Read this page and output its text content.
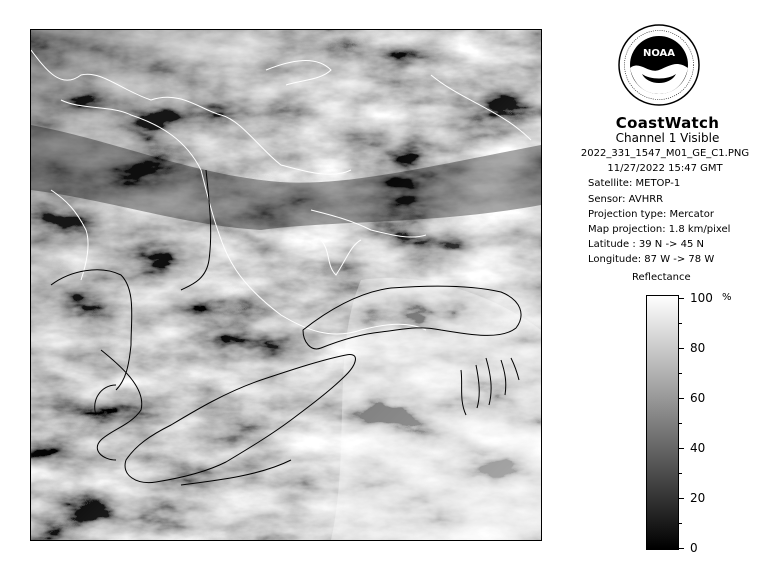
NOAA
CoastWatch
Channel 1 Visible
2022_331_1547_M01_GE_C1.PNG
11/27/2022 15:47 GMT
Satellite: METOP-1
Sensor: AVHRR
Projection type: Mercator
Map projection: 1.8 km/pixel
Latitude : 39 N -> 45 N
Longitude: 87 W -> 78 W
Reflectance
%
100
80
60
40
20
0
